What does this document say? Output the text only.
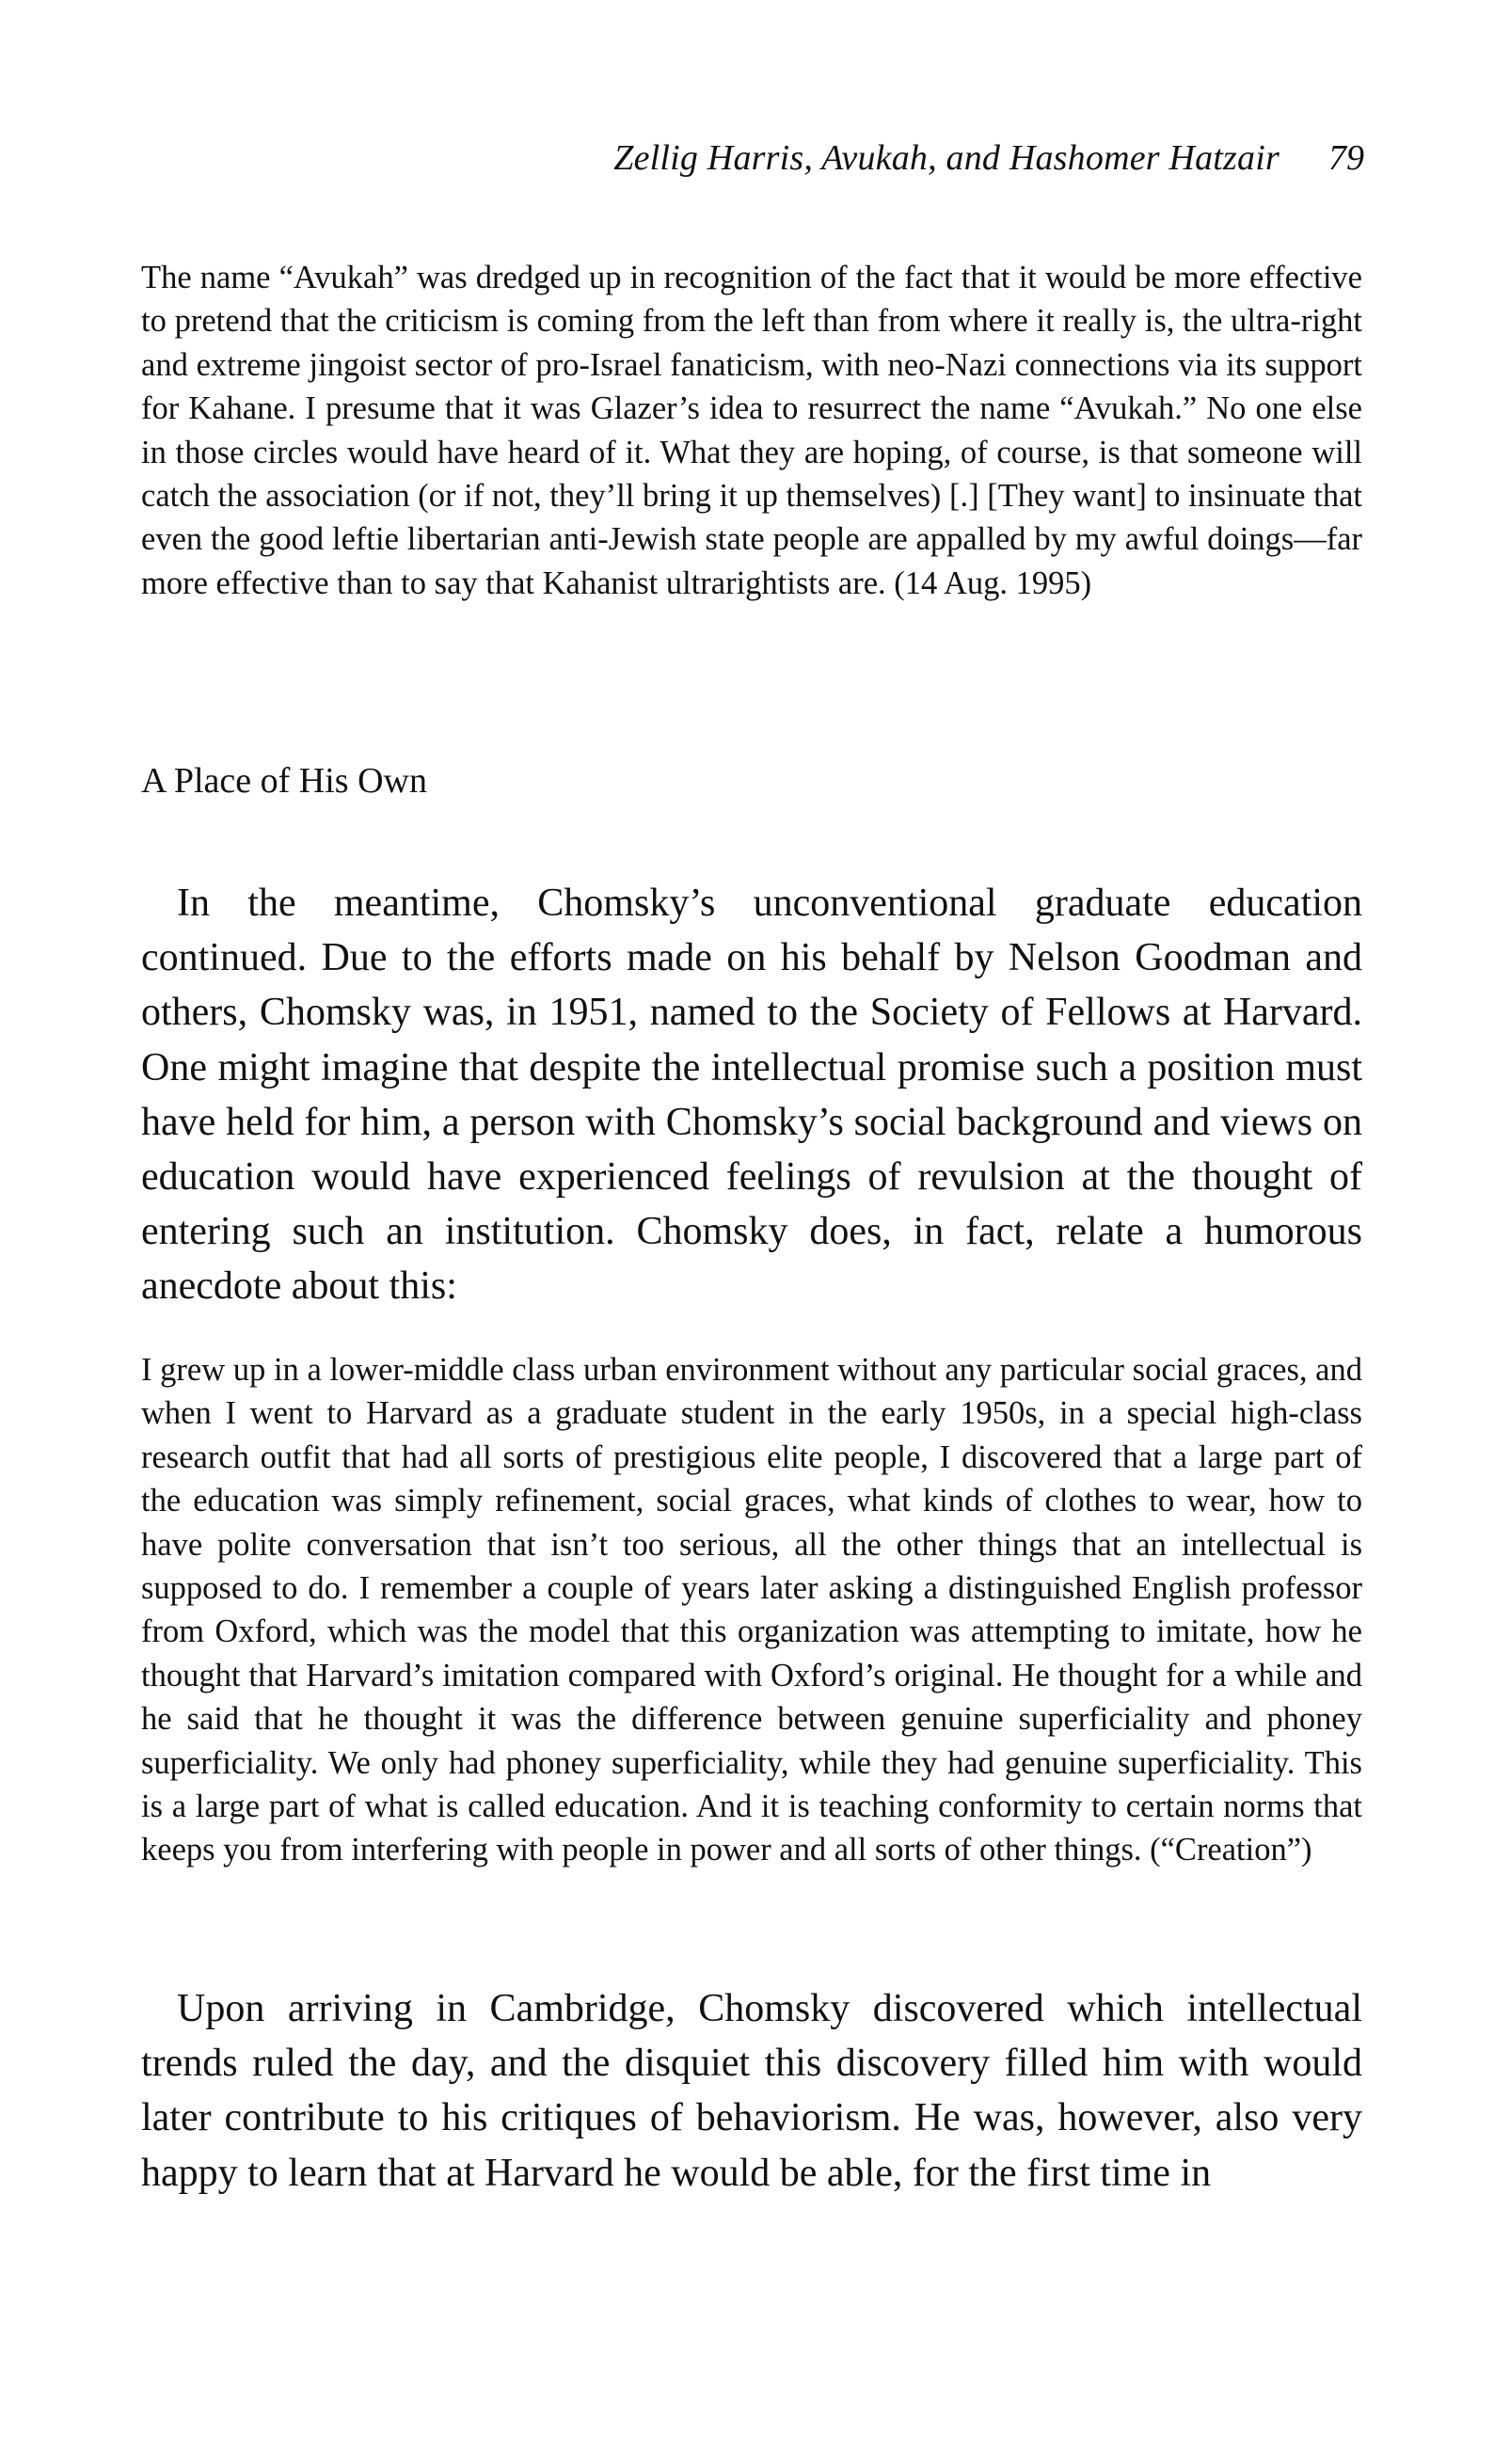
Zellig Harris, Avukah, and Hashomer Hatzair 79

The name “Avukah” was dredged up in recognition of the fact that it would be more effective to pretend that the criticism is coming from the left than from where it really is, the ultra-right and extreme jingoist sector of pro-Israel fanaticism, with neo-Nazi connections via its support for Kahane. I presume that it was Glazer’s idea to resurrect the name “Avukah.” No one else in those circles would have heard of it. What they are hoping, of course, is that someone will catch the association (or if not, they’ll bring it up themselves) [.] [They want] to insinuate that even the good leftie libertarian anti-Jewish state people are appalled by my awful doings—far more effective than to say that Kahanist ultrarightists are. (14 Aug. 1995)

A Place of His Own

In the meantime, Chomsky’s unconventional graduate education continued. Due to the efforts made on his behalf by Nelson Goodman and others, Chomsky was, in 1951, named to the Society of Fellows at Harvard. One might imagine that despite the intellectual promise such a position must have held for him, a person with Chomsky’s social background and views on education would have experienced feelings of revulsion at the thought of entering such an institution. Chomsky does, in fact, relate a humorous anecdote about this:

I grew up in a lower-middle class urban environment without any particular social graces, and when I went to Harvard as a graduate student in the early 1950s, in a special high-class research outfit that had all sorts of prestigious elite people, I discovered that a large part of the education was simply refinement, social graces, what kinds of clothes to wear, how to have polite conversation that isn’t too serious, all the other things that an intellectual is supposed to do. I remember a couple of years later asking a distinguished English professor from Oxford, which was the model that this organization was attempting to imitate, how he thought that Harvard’s imitation compared with Oxford’s original. He thought for a while and he said that he thought it was the difference between genuine superficiality and phoney superficiality. We only had phoney superficiality, while they had genuine superficiality. This is a large part of what is called education. And it is teaching conformity to certain norms that keeps you from interfering with people in power and all sorts of other things. (“Creation”)

Upon arriving in Cambridge, Chomsky discovered which intellectual trends ruled the day, and the disquiet this discovery filled him with would later contribute to his critiques of behaviorism. He was, however, also very happy to learn that at Harvard he would be able, for the first time in
